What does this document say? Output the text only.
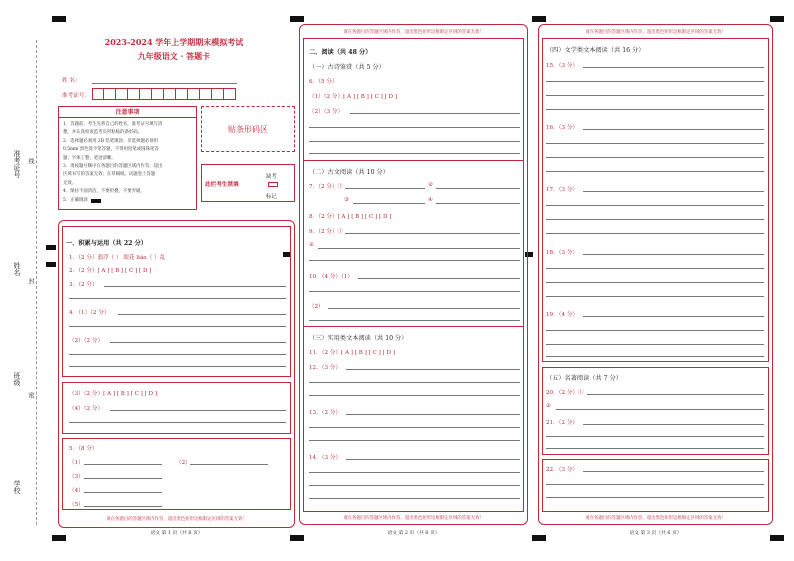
准考证号 线
姓名
封
班级
密
学校
2023-2024 学年上学期期末模拟考试
九年级语文 · 答题卡
姓 名：
准考证号：
注意事项
1．答题前，考生先将自己的姓名，准考证号填写清
楚，并认真检查监考员所粘贴的条形码。
2．选择题必须用 2B 铅笔填涂；非选择题必须用
0.5mm 黑色签字笔答题，不得用铅笔或圆珠笔答
题；字体工整、笔迹清晰。
3．请按题号顺序在各题目的答题区域内作答，超出
区域书写的答案无效；在草稿纸、试题卷上答题
无效。
4．保持卡面清洁，不要折叠、不要弄破。
5．正确填涂
贴条形码区
此栏考生禁填
缺考
标记
一、积累与运用（共 22 分）
1．（2 分）翡浮（ ） 眼花 liáo（ ）乱
2．（2 分）[ A ] [ B ] [ C ] [ D ]
3．（2 分）
4．（1）（2 分）
（2）（2 分）
（3）（2 分）[ A ] [ B ] [ C ] [ D ]
（4）（2 分）
5．（8 分）
（1）	（2）
（3）
（4）
（5）
请在各题目的答题区域内作答，超出黑色矩形边框限定区域的答案无效！
语文 第 1 页（共 6 页）
请在各题目的答题区域内作答，超出黑色矩形边框限定区域的答案无效！
二、阅读（共 48 分）
（一）古诗鉴赏（共 5 分）
6．（5 分）
（1）（2 分）[ A ] [ B ] [ C ] [ D ]
（2）（3 分）
（二）古文阅读（共 10 分）
7．（2 分）①	②
③	④
8．（2 分）[ A ] [ B ] [ C ] [ D ]
9．（2 分）①
②
10．（4 分）（1）
（2）
（三）实用类文本阅读（共 10 分）
11．（2 分）[ A ] [ B ] [ C ] [ D ]
12．（3 分）
13．（2 分）
14．（3 分）
请在各题目的答题区域内作答，超出黑色矩形边框限定区域的答案无效！
语文 第 2 页（共 6 页）
请在各题目的答题区域内作答，超出黑色矩形边框限定区域的答案无效！
（四）文学类文本阅读（共 16 分）
15．（3 分）
16．（3 分）
17．（3 分）
18．（3 分）
19．（4 分）
（五）名著阅读（共 7 分）
20．（2 分）①
②
21．（2 分）
22．（3 分）
请在各题目的答题区域内作答，超出黑色矩形边框限定区域的答案无效！
语文 第 3 页（共 6 页）
